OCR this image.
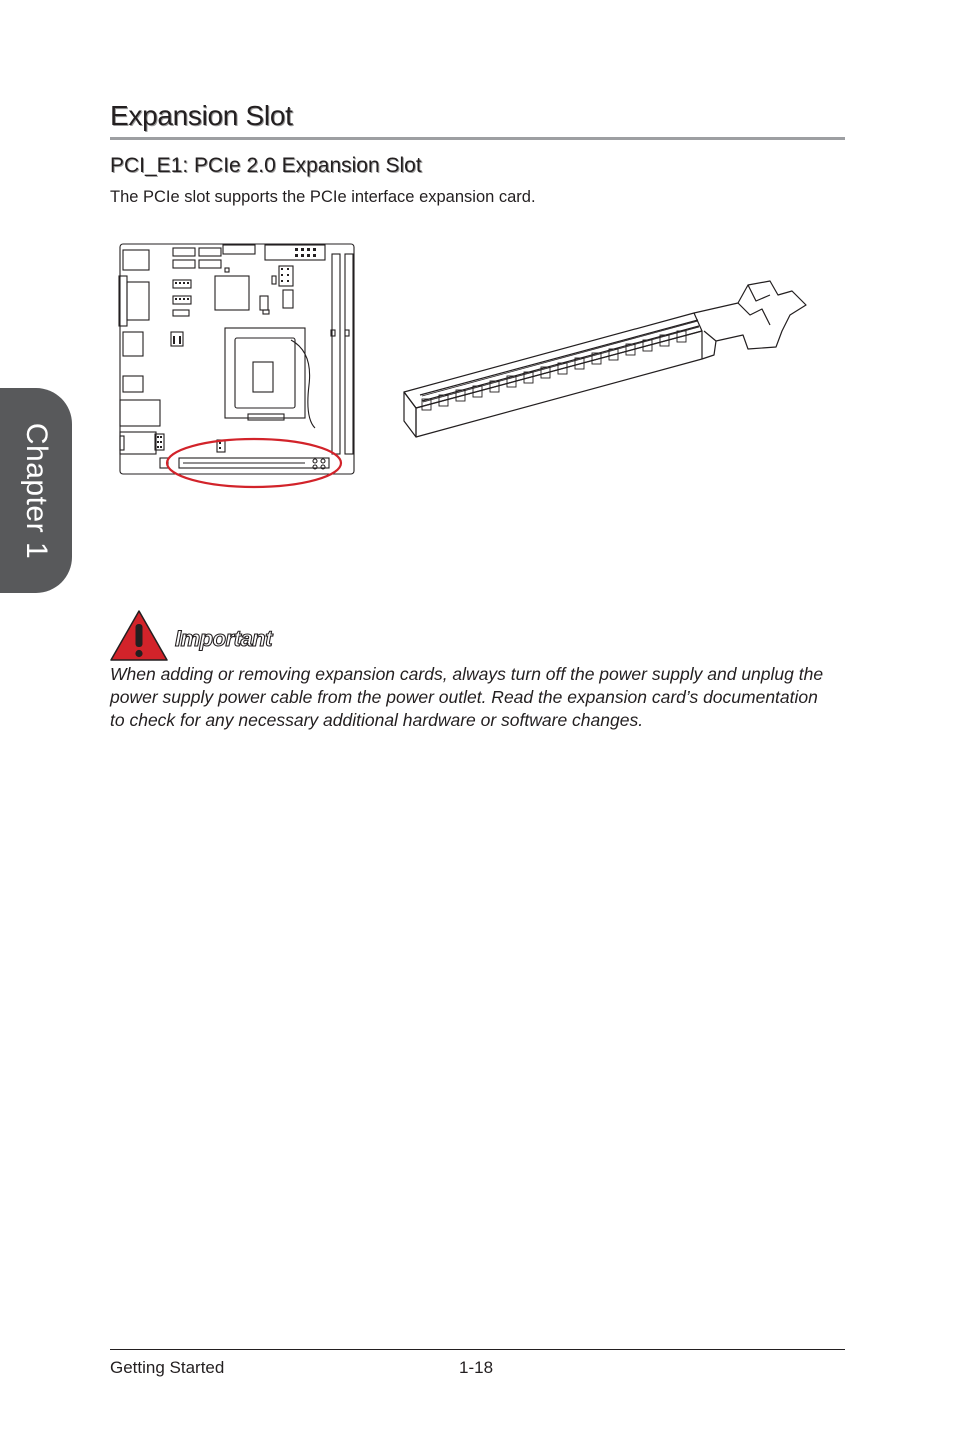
Chapter 1
Expansion Slot
PCI_E1: PCIe 2.0 Expansion Slot

The PCIe slot supports the PCIe interface expansion card.

Important

When adding or removing expansion cards, always turn off the power supply and unplug the power supply power cable from the power outlet. Read the expansion card’s documentation to check for any necessary additional hardware or software changes.

Getting Started	1-18
